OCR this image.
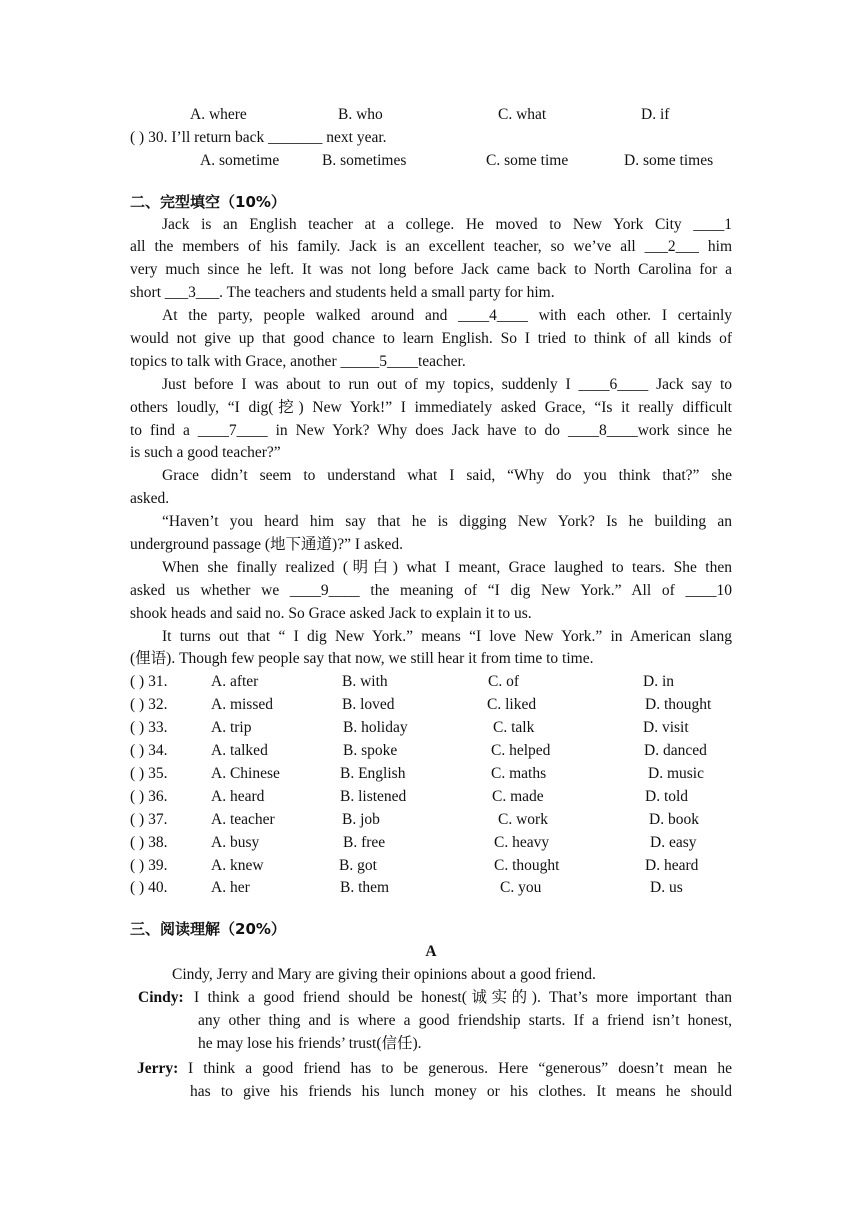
A. where	B. who	C. what	D. if
( ) 30. I’ll return back _______ next year.
A. sometime	B. sometimes	C. some time	D. some times
二、完型填空（10%）
Jack is an English teacher at a college. He moved to New York City ____1
all the members of his family. Jack is an excellent teacher, so we’ve all ___2___ him
very much since he left. It was not long before Jack came back to North Carolina for a
short ___3___. The teachers and students held a small party for him.
At the party, people walked around and ____4____ with each other. I certainly
would not give up that good chance to learn English. So I tried to think of all kinds of
topics to talk with Grace, another _____5____teacher.
Just before I was about to run out of my topics, suddenly I ____6____ Jack say to
others loudly, “I dig(挖) New York!” I immediately asked Grace, “Is it really difficult
to find a ____7____ in New York? Why does Jack have to do ____8____work since he
is such a good teacher?”
Grace didn’t seem to understand what I said, “Why do you think that?” she
asked.
“Haven’t you heard him say that he is digging New York? Is he building an
underground passage (地下通道)?” I asked.
When she finally realized (明白) what I meant, Grace laughed to tears. She then
asked us whether we ____9____ the meaning of “I dig New York.” All of ____10
shook heads and said no. So Grace asked Jack to explain it to us.
It turns out that “ I dig New York.” means “I love New York.” in American slang
(俚语). Though few people say that now, we still hear it from time to time.
( ) 31.	A. after	B. with	C. of	D. in
( ) 32.	A. missed	B. loved	C. liked	D. thought
( ) 33.	A. trip	B. holiday	C. talk	D. visit
( ) 34.	A. talked	B. spoke	C. helped	D. danced
( ) 35.	A. Chinese	B. English	C. maths	D. music
( ) 36.	A. heard	B. listened	C. made	D. told
( ) 37.	A. teacher	B. job	C. work	D. book
( ) 38.	A. busy	B. free	C. heavy	D. easy
( ) 39.	A. knew	B. got	C. thought	D. heard
( ) 40.	A. her	B. them	C. you	D. us
三、阅读理解（20%）
A
Cindy, Jerry and Mary are giving their opinions about a good friend.
Cindy: I think a good friend should be honest(诚实的). That’s more important than
any other thing and is where a good friendship starts. If a friend isn’t honest,
he may lose his friends’ trust(信任).
Jerry: I think a good friend has to be generous. Here “generous” doesn’t mean he
has to give his friends his lunch money or his clothes. It means he should
